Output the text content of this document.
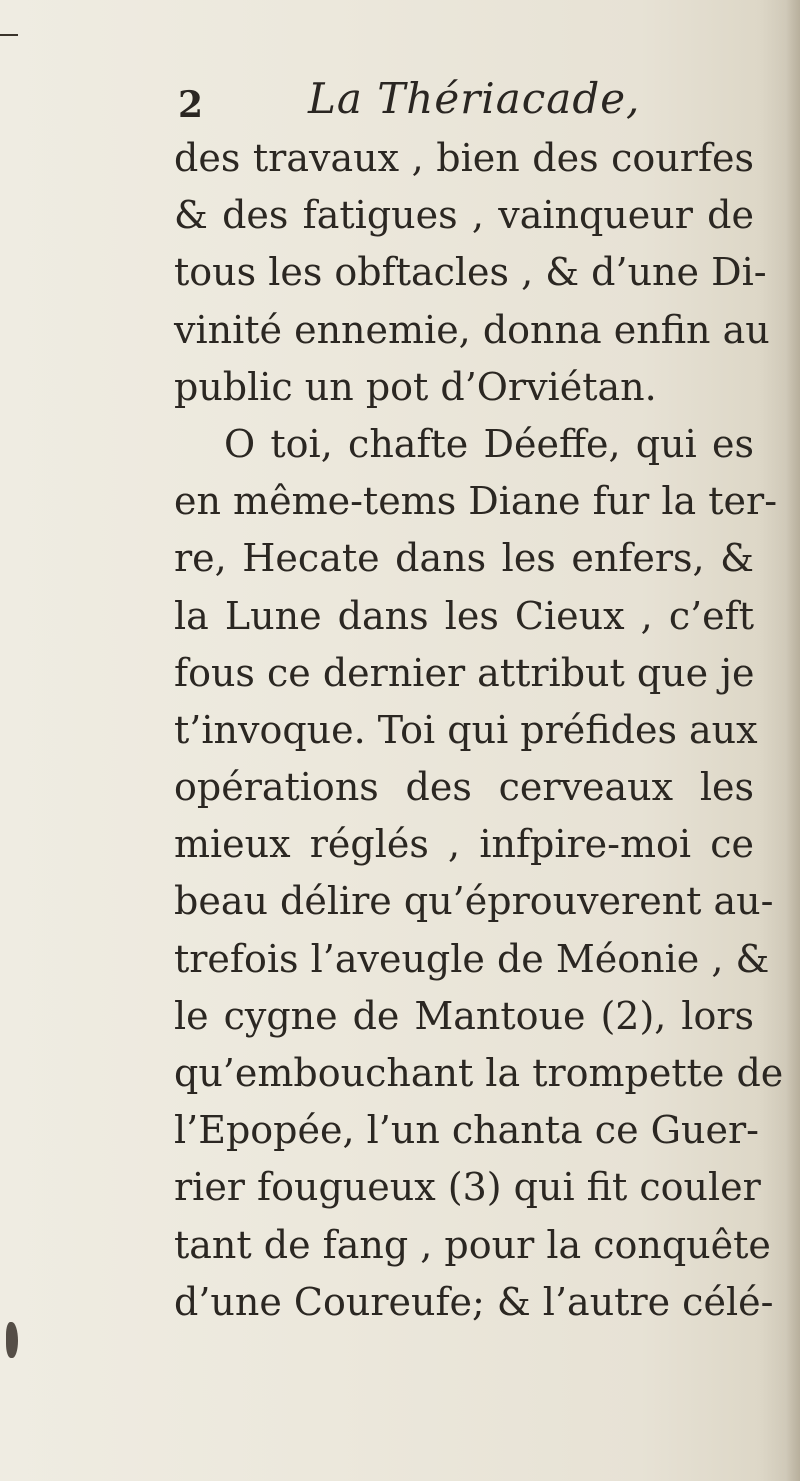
2 La Thériacade,
des travaux , bien des courfes
& des fatigues , vainqueur de
tous les obftacles , & d’une Di-
vinité ennemie, donna enfin au
public un pot d’Orviétan.
O toi, chafte Déeffe, qui es
en même-tems Diane fur la ter-
re, Hecate dans les enfers, &
la Lune dans les Cieux , c’eft
fous ce dernier attribut que je
t’invoque. Toi qui préfides aux
opérations des cerveaux les
mieux réglés , infpire-moi ce
beau délire qu’éprouverent au-
trefois l’aveugle de Méonie , &
le cygne de Mantoue (2), lors
qu’embouchant la trompette de
l’Epopée, l’un chanta ce Guer-
rier fougueux (3) qui fit couler
tant de fang , pour la conquête
d’une Coureufe; & l’autre célé-
